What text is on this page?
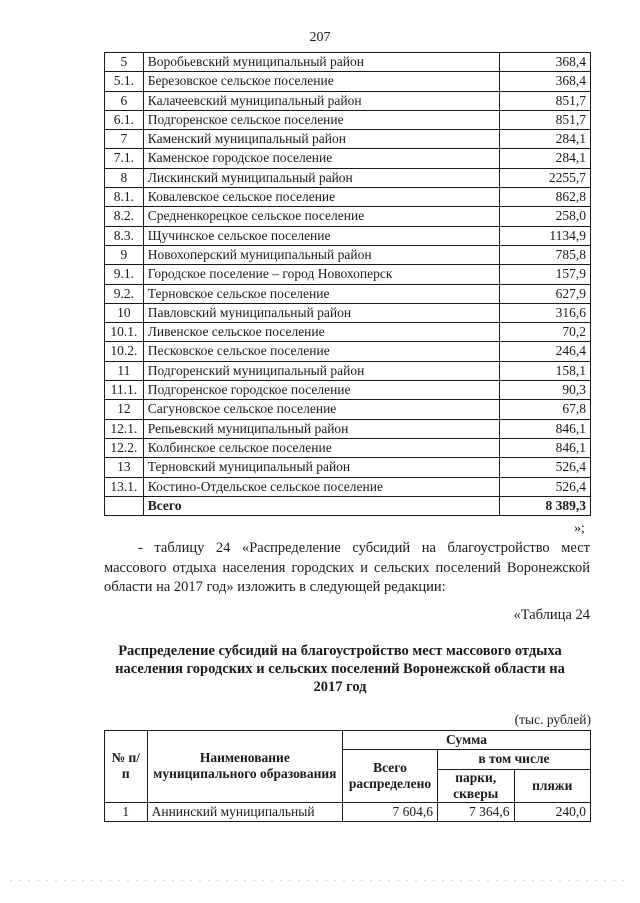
207
5	Воробьевский муниципальный район	368,4
5.1.	Березовское сельское поселение	368,4
6	Калачеевский муниципальный район	851,7
6.1.	Подгоренское сельское поселение	851,7
7	Каменский муниципальный район	284,1
7.1.	Каменское городское поселение	284,1
8	Лискинский муниципальный район	2255,7
8.1.	Ковалевское сельское поселение	862,8
8.2.	Средненкорецкое сельское поселение	258,0
8.3.	Щучинское сельское поселение	1134,9
9	Новохоперский муниципальный район	785,8
9.1.	Городское поселение – город Новохоперск	157,9
9.2.	Терновское сельское поселение	627,9
10	Павловский муниципальный район	316,6
10.1.	Ливенское сельское поселение	70,2
10.2.	Песковское сельское поселение	246,4
11	Подгоренский муниципальный район	158,1
11.1.	Подгоренское городское поселение	90,3
12	Сагуновское сельское поселение	67,8
12.1.	Репьевский муниципальный район	846,1
12.2.	Колбинское сельское поселение	846,1
13	Терновский муниципальный район	526,4
13.1.	Костино-Отдельское сельское поселение	526,4
	Всего	8 389,3
»;

- таблицу 24 «Распределение субсидий на благоустройство мест массового отдыха населения городских и сельских поселений Воронежской области на 2017 год» изложить в следующей редакции:

«Таблица 24

Распределение субсидий на благоустройство мест массового отдыха населения городских и сельских поселений Воронежской области на 2017 год

(тыс. рублей)
№ п/п	Наименование муниципального образования	Сумма		
		Всего распределено	в том числе	
			парки, скверы	пляжи
1	Аннинский муниципальный	7 604,6	7 364,6	240,0
